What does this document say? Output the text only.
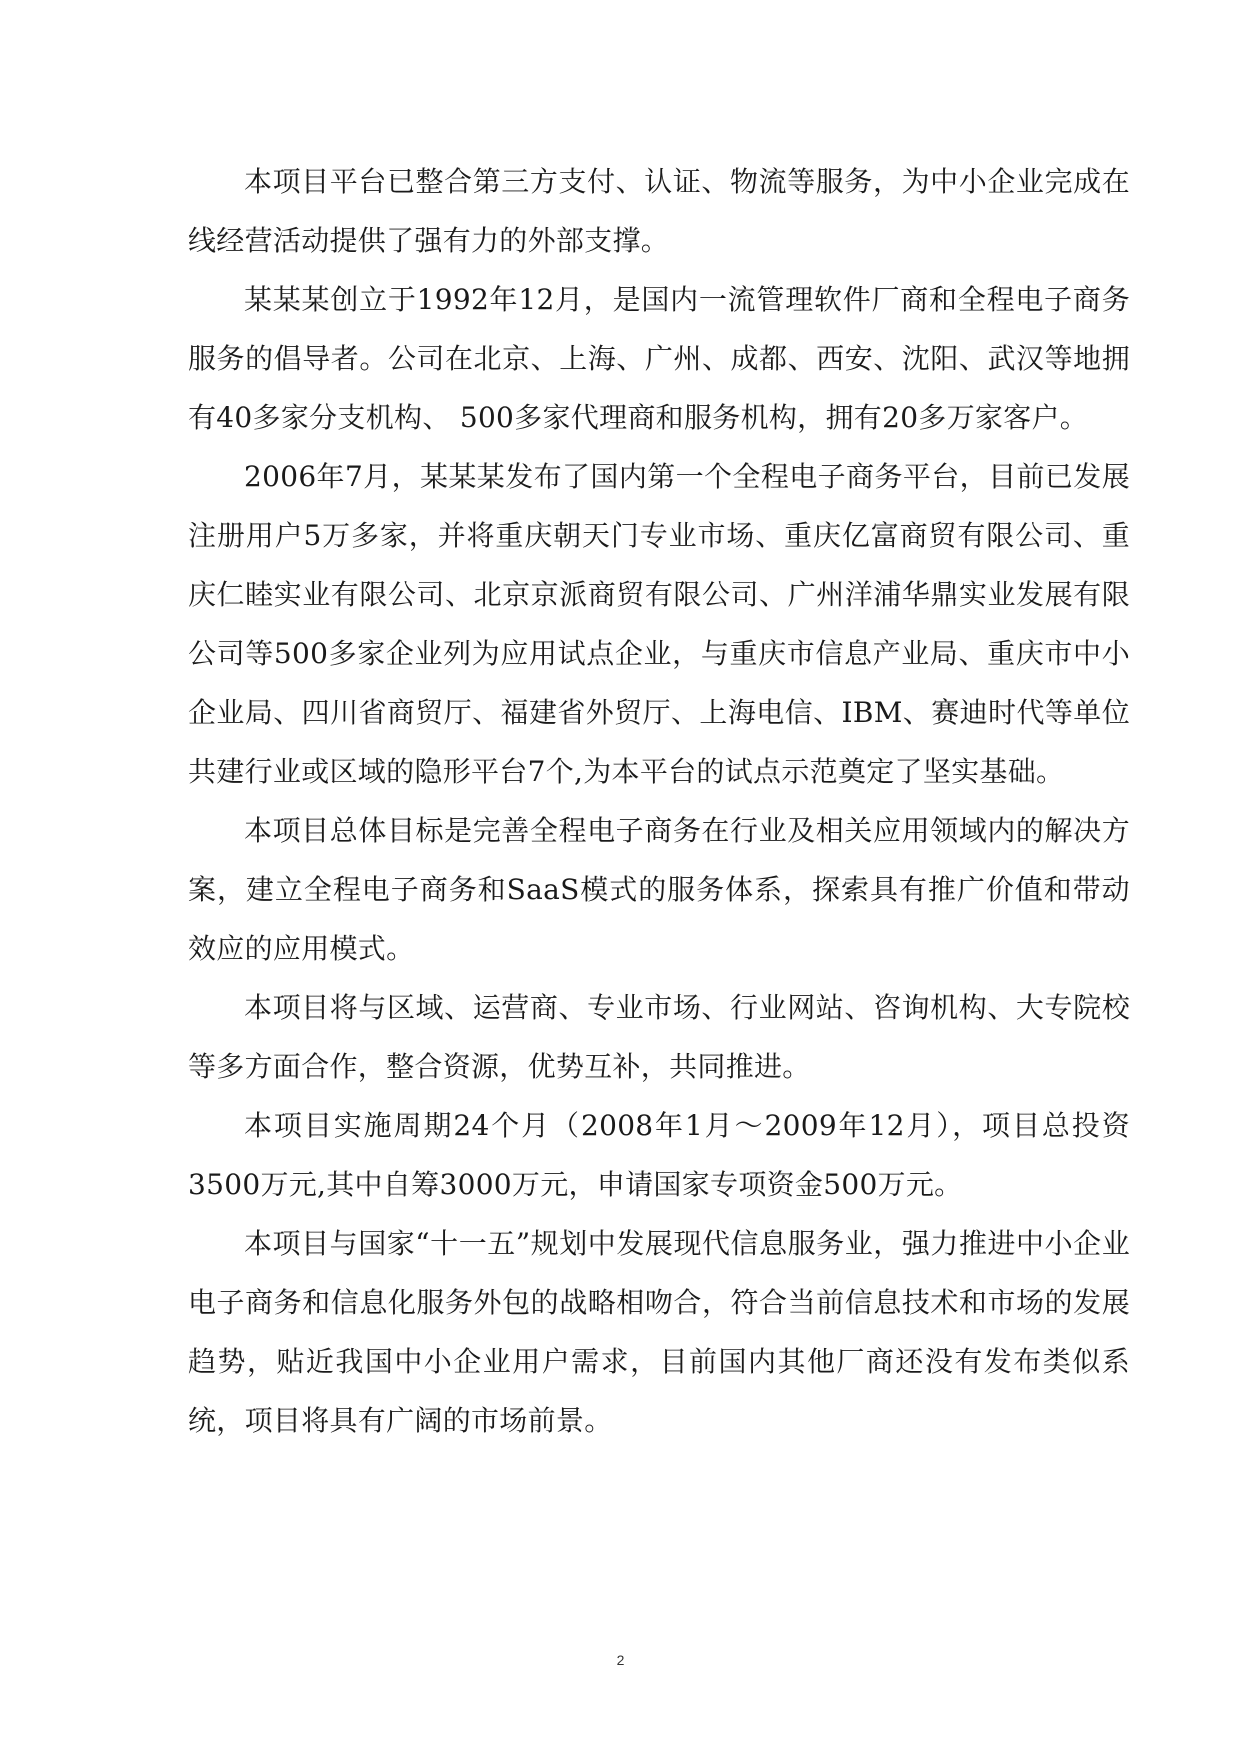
本项目平台已整合第三方支付、认证、物流等服务，为中小企业完成在线经营活动提供了强有力的外部支撑。

某某某创立于1992年12月，是国内一流管理软件厂商和全程电子商务服务的倡导者。公司在北京、上海、广州、成都、西安、沈阳、武汉等地拥有40多家分支机构、 500多家代理商和服务机构，拥有20多万家客户。

2006年7月，某某某发布了国内第一个全程电子商务平台，目前已发展注册用户5万多家，并将重庆朝天门专业市场、重庆亿富商贸有限公司、重庆仁睦实业有限公司、北京京派商贸有限公司、广州洋浦华鼎实业发展有限公司等500多家企业列为应用试点企业，与重庆市信息产业局、重庆市中小企业局、四川省商贸厅、福建省外贸厅、上海电信、IBM、赛迪时代等单位共建行业或区域的隐形平台7个,为本平台的试点示范奠定了坚实基础。

本项目总体目标是完善全程电子商务在行业及相关应用领域内的解决方案，建立全程电子商务和SaaS模式的服务体系，探索具有推广价值和带动效应的应用模式。

本项目将与区域、运营商、专业市场、行业网站、咨询机构、大专院校等多方面合作，整合资源，优势互补，共同推进。

本项目实施周期24个月（2008年1月～2009年12月），项目总投资3500万元,其中自筹3000万元，申请国家专项资金500万元。

本项目与国家“十一五”规划中发展现代信息服务业，强力推进中小企业电子商务和信息化服务外包的战略相吻合，符合当前信息技术和市场的发展趋势，贴近我国中小企业用户需求，目前国内其他厂商还没有发布类似系统，项目将具有广阔的市场前景。

2
